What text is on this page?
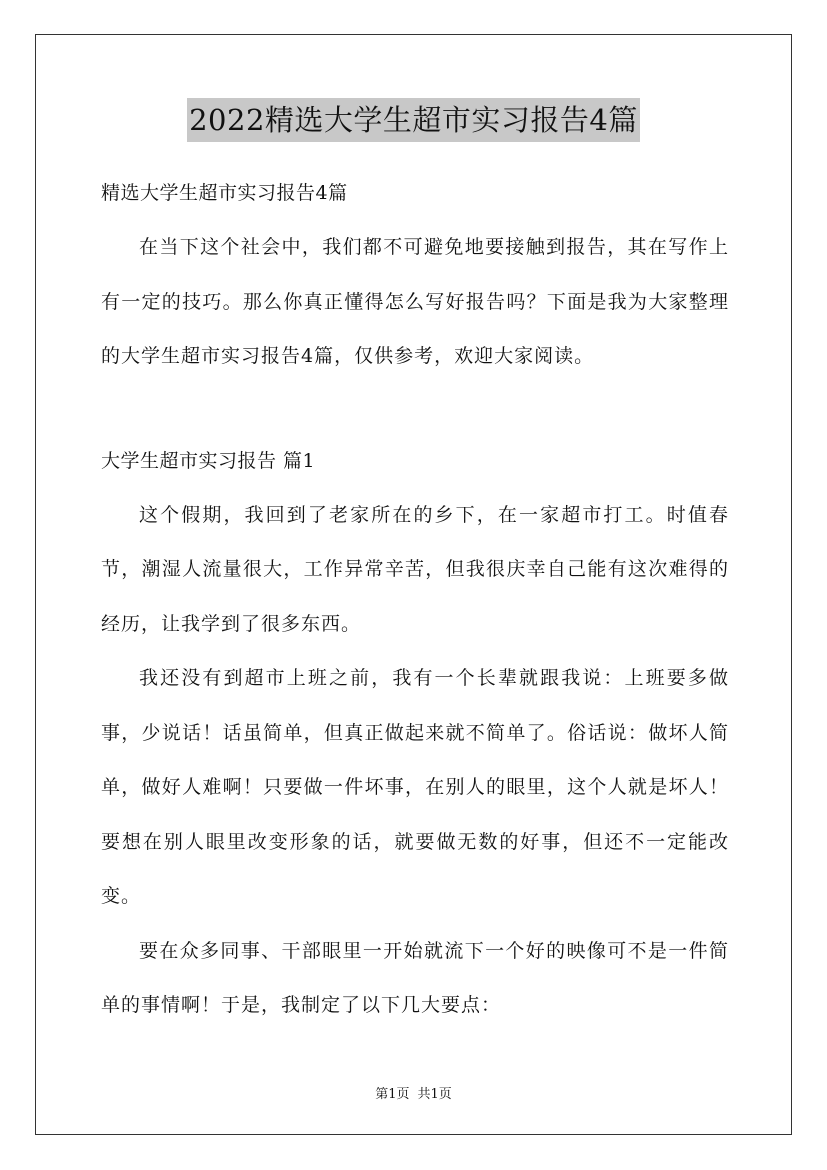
2022精选大学生超市实习报告4篇

精选大学生超市实习报告4篇

在当下这个社会中，我们都不可避免地要接触到报告，其在写作上有一定的技巧。那么你真正懂得怎么写好报告吗？下面是我为大家整理的大学生超市实习报告4篇，仅供参考，欢迎大家阅读。

大学生超市实习报告 篇1

这个假期，我回到了老家所在的乡下，在一家超市打工。时值春节，潮湿人流量很大，工作异常辛苦，但我很庆幸自己能有这次难得的经历，让我学到了很多东西。

我还没有到超市上班之前，我有一个长辈就跟我说：上班要多做事，少说话！话虽简单，但真正做起来就不简单了。俗话说：做坏人简单，做好人难啊！只要做一件坏事，在别人的眼里，这个人就是坏人！要想在别人眼里改变形象的话，就要做无数的好事，但还不一定能改变。

要在众多同事、干部眼里一开始就流下一个好的映像可不是一件简单的事情啊！于是，我制定了以下几大要点：

第1页 共1页
